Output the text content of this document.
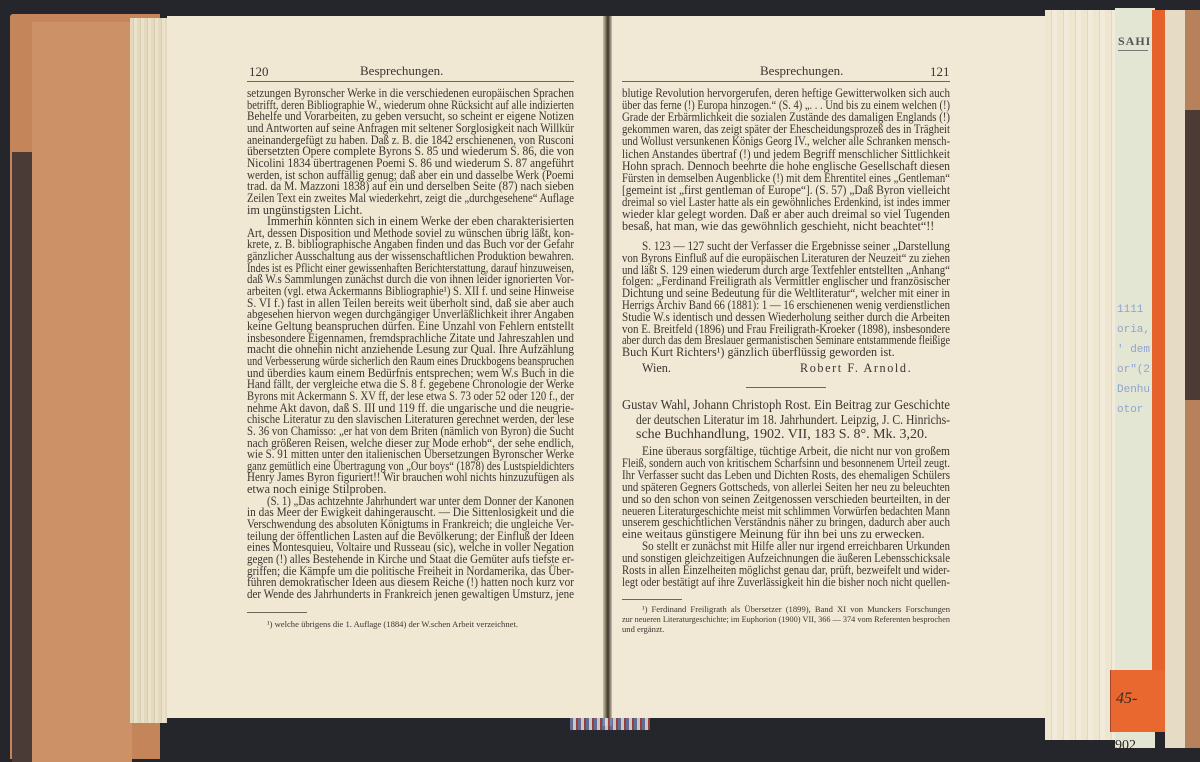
SAHI
1111
oria,
' dem
or"(2
Denhu
otor
45-
1902
120	Besprechungen.
setzungen Byronscher Werke in die verschiedenen europäischen Sprachen
betrifft, deren Bibliographie W., wiederum ohne Rücksicht auf alle indizierten
Behelfe und Vorarbeiten, zu geben versucht, so scheint er eigene Notizen
und Antworten auf seine Anfragen mit seltener Sorglosigkeit nach Willkür
aneinandergefügt zu haben. Daß z. B. die 1842 erschienenen, von Rusconi
übersetzten Opere complete Byrons S. 85 und wiederum S. 86, die von
Nicolini 1834 übertragenen Poemi S. 86 und wiederum S. 87 angeführt
werden, ist schon auffällig genug; daß aber ein und dasselbe Werk (Poemi
trad. da M. Mazzoni 1838) auf ein und derselben Seite (87) nach sieben
Zeilen Text ein zweites Mal wiederkehrt, zeigt die „durchgesehene“ Auflage
im ungünstigsten Licht.
Immerhin könnten sich in einem Werke der eben charakterisierten
Art, dessen Disposition und Methode soviel zu wünschen übrig läßt, kon-
krete, z. B. bibliographische Angaben finden und das Buch vor der Gefahr
gänzlicher Ausschaltung aus der wissenschaftlichen Produktion bewahren.
Indes ist es Pflicht einer gewissenhaften Berichterstattung, darauf hinzuweisen,
daß W.s Sammlungen zunächst durch die von ihnen leider ignorierten Vor-
arbeiten (vgl. etwa Ackermanns Bibliographie¹) S. XII f. und seine Hinweise
S. VI f.) fast in allen Teilen bereits weit überholt sind, daß sie aber auch
abgesehen hiervon wegen durchgängiger Unverläßlichkeit ihrer Angaben
keine Geltung beanspruchen dürfen. Eine Unzahl von Fehlern entstellt
insbesondere Eigennamen, fremdsprachliche Zitate und Jahreszahlen und
macht die ohnehin nicht anziehende Lesung zur Qual. Ihre Aufzählung
und Verbesserung würde sicherlich den Raum eines Druckbogens beanspruchen
und überdies kaum einem Bedürfnis entsprechen; wem W.s Buch in die
Hand fällt, der vergleiche etwa die S. 8 f. gegebene Chronologie der Werke
Byrons mit Ackermann S. XV ff, der lese etwa S. 73 oder 52 oder 120 f., der
nehme Akt davon, daß S. III und 119 ff. die ungarische und die neugrie-
chische Literatur zu den slavischen Literaturen gerechnet werden, der lese
S. 36 von Chamisso: „er hat von dem Briten (nämlich von Byron) die Sucht
nach größeren Reisen, welche dieser zur Mode erhob“, der sehe endlich,
wie S. 91 mitten unter den italienischen Übersetzungen Byronscher Werke
ganz gemütlich eine Übertragung von „Our boys“ (1878) des Lustspieldichters
Henry James Byron figuriert!! Wir brauchen wohl nichts hinzuzufügen als
etwa noch einige Stilproben.
(S. 1) „Das achtzehnte Jahrhundert war unter dem Donner der Kanonen
in das Meer der Ewigkeit dahingerauscht. — Die Sittenlosigkeit und die
Verschwendung des absoluten Königtums in Frankreich; die ungleiche Ver-
teilung der öffentlichen Lasten auf die Bevölkerung; der Einfluß der Ideen
eines Montesquieu, Voltaire und Russeau (sic), welche in voller Negation
gegen (!) alles Bestehende in Kirche und Staat die Gemüter aufs tiefste er-
griffen; die Kämpfe um die politische Freiheit in Nordamerika, das Über-
führen demokratischer Ideen aus diesem Reiche (!) hatten noch kurz vor
der Wende des Jahrhunderts in Frankreich jenen gewaltigen Umsturz, jene
¹) welche übrigens die 1. Auflage (1884) der W.schen Arbeit verzeichnet.
Besprechungen.	121
blutige Revolution hervorgerufen, deren heftige Gewitterwolken sich auch
über das ferne (!) Europa hinzogen.“ (S. 4) „. . . Und bis zu einem welchen (!)
Grade der Erbärmlichkeit die sozialen Zustände des damaligen Englands (!)
gekommen waren, das zeigt später der Ehescheidungsprozeß des in Trägheit
und Wollust versunkenen Königs Georg IV., welcher alle Schranken mensch-
lichen Anstandes übertraf (!) und jedem Begriff menschlicher Sittlichkeit
Hohn sprach. Dennoch beehrte die hohe englische Gesellschaft diesen
Fürsten in demselben Augenblicke (!) mit dem Ehrentitel eines „Gentleman“
[gemeint ist „first gentleman of Europe“]. (S. 57) „Daß Byron vielleicht
dreimal so viel Laster hatte als ein gewöhnliches Erdenkind, ist indes immer
wieder klar gelegt worden. Daß er aber auch dreimal so viel Tugenden
besaß, hat man, wie das gewöhnlich geschieht, nicht beachtet“!!
S. 123 — 127 sucht der Verfasser die Ergebnisse seiner „Darstellung
von Byrons Einfluß auf die europäischen Literaturen der Neuzeit“ zu ziehen
und läßt S. 129 einen wiederum durch arge Textfehler entstellten „Anhang“
folgen: „Ferdinand Freiligrath als Vermittler englischer und französischer
Dichtung und seine Bedeutung für die Weltliteratur“, welcher mit einer in
Herrigs Archiv Band 66 (1881): 1 — 16 erschienenen wenig verdienstlichen
Studie W.s identisch und dessen Wiederholung seither durch die Arbeiten
von E. Breitfeld (1896) und Frau Freiligrath-Kroeker (1898), insbesondere
aber durch das dem Breslauer germanistischen Seminare entstammende fleißige
Buch Kurt Richters¹) gänzlich überflüssig geworden ist.
Wien.	Robert F. Arnold.
Gustav Wahl, Johann Christoph Rost. Ein Beitrag zur Geschichte
der deutschen Literatur im 18. Jahrhundert. Leipzig, J. C. Hinrichs-
sche Buchhandlung, 1902. VII, 183 S. 8°. Mk. 3,20.
Eine überaus sorgfältige, tüchtige Arbeit, die nicht nur von großem
Fleiß, sondern auch von kritischem Scharfsinn und besonnenem Urteil zeugt.
Ihr Verfasser sucht das Leben und Dichten Rosts, des ehemaligen Schülers
und späteren Gegners Gottscheds, von allerlei Seiten her neu zu beleuchten
und so den schon von seinen Zeitgenossen verschieden beurteilten, in der
neueren Literaturgeschichte meist mit schlimmen Vorwürfen bedachten Mann
unserem geschichtlichen Verständnis näher zu bringen, dadurch aber auch
eine weitaus günstigere Meinung für ihn bei uns zu erwecken.
So stellt er zunächst mit Hilfe aller nur irgend erreichbaren Urkunden
und sonstigen gleichzeitigen Aufzeichnungen die äußeren Lebensschicksale
Rosts in allen Einzelheiten möglichst genau dar, prüft, bezweifelt und wider-
legt oder bestätigt auf ihre Zuverlässigkeit hin die bisher noch nicht quellen-
¹) Ferdinand Freiligrath als Übersetzer (1899), Band XI von Munckers Forschungen
zur neueren Literaturgeschichte; im Euphorion (1900) VII, 366 — 374 vom Referenten besprochen
und ergänzt.
